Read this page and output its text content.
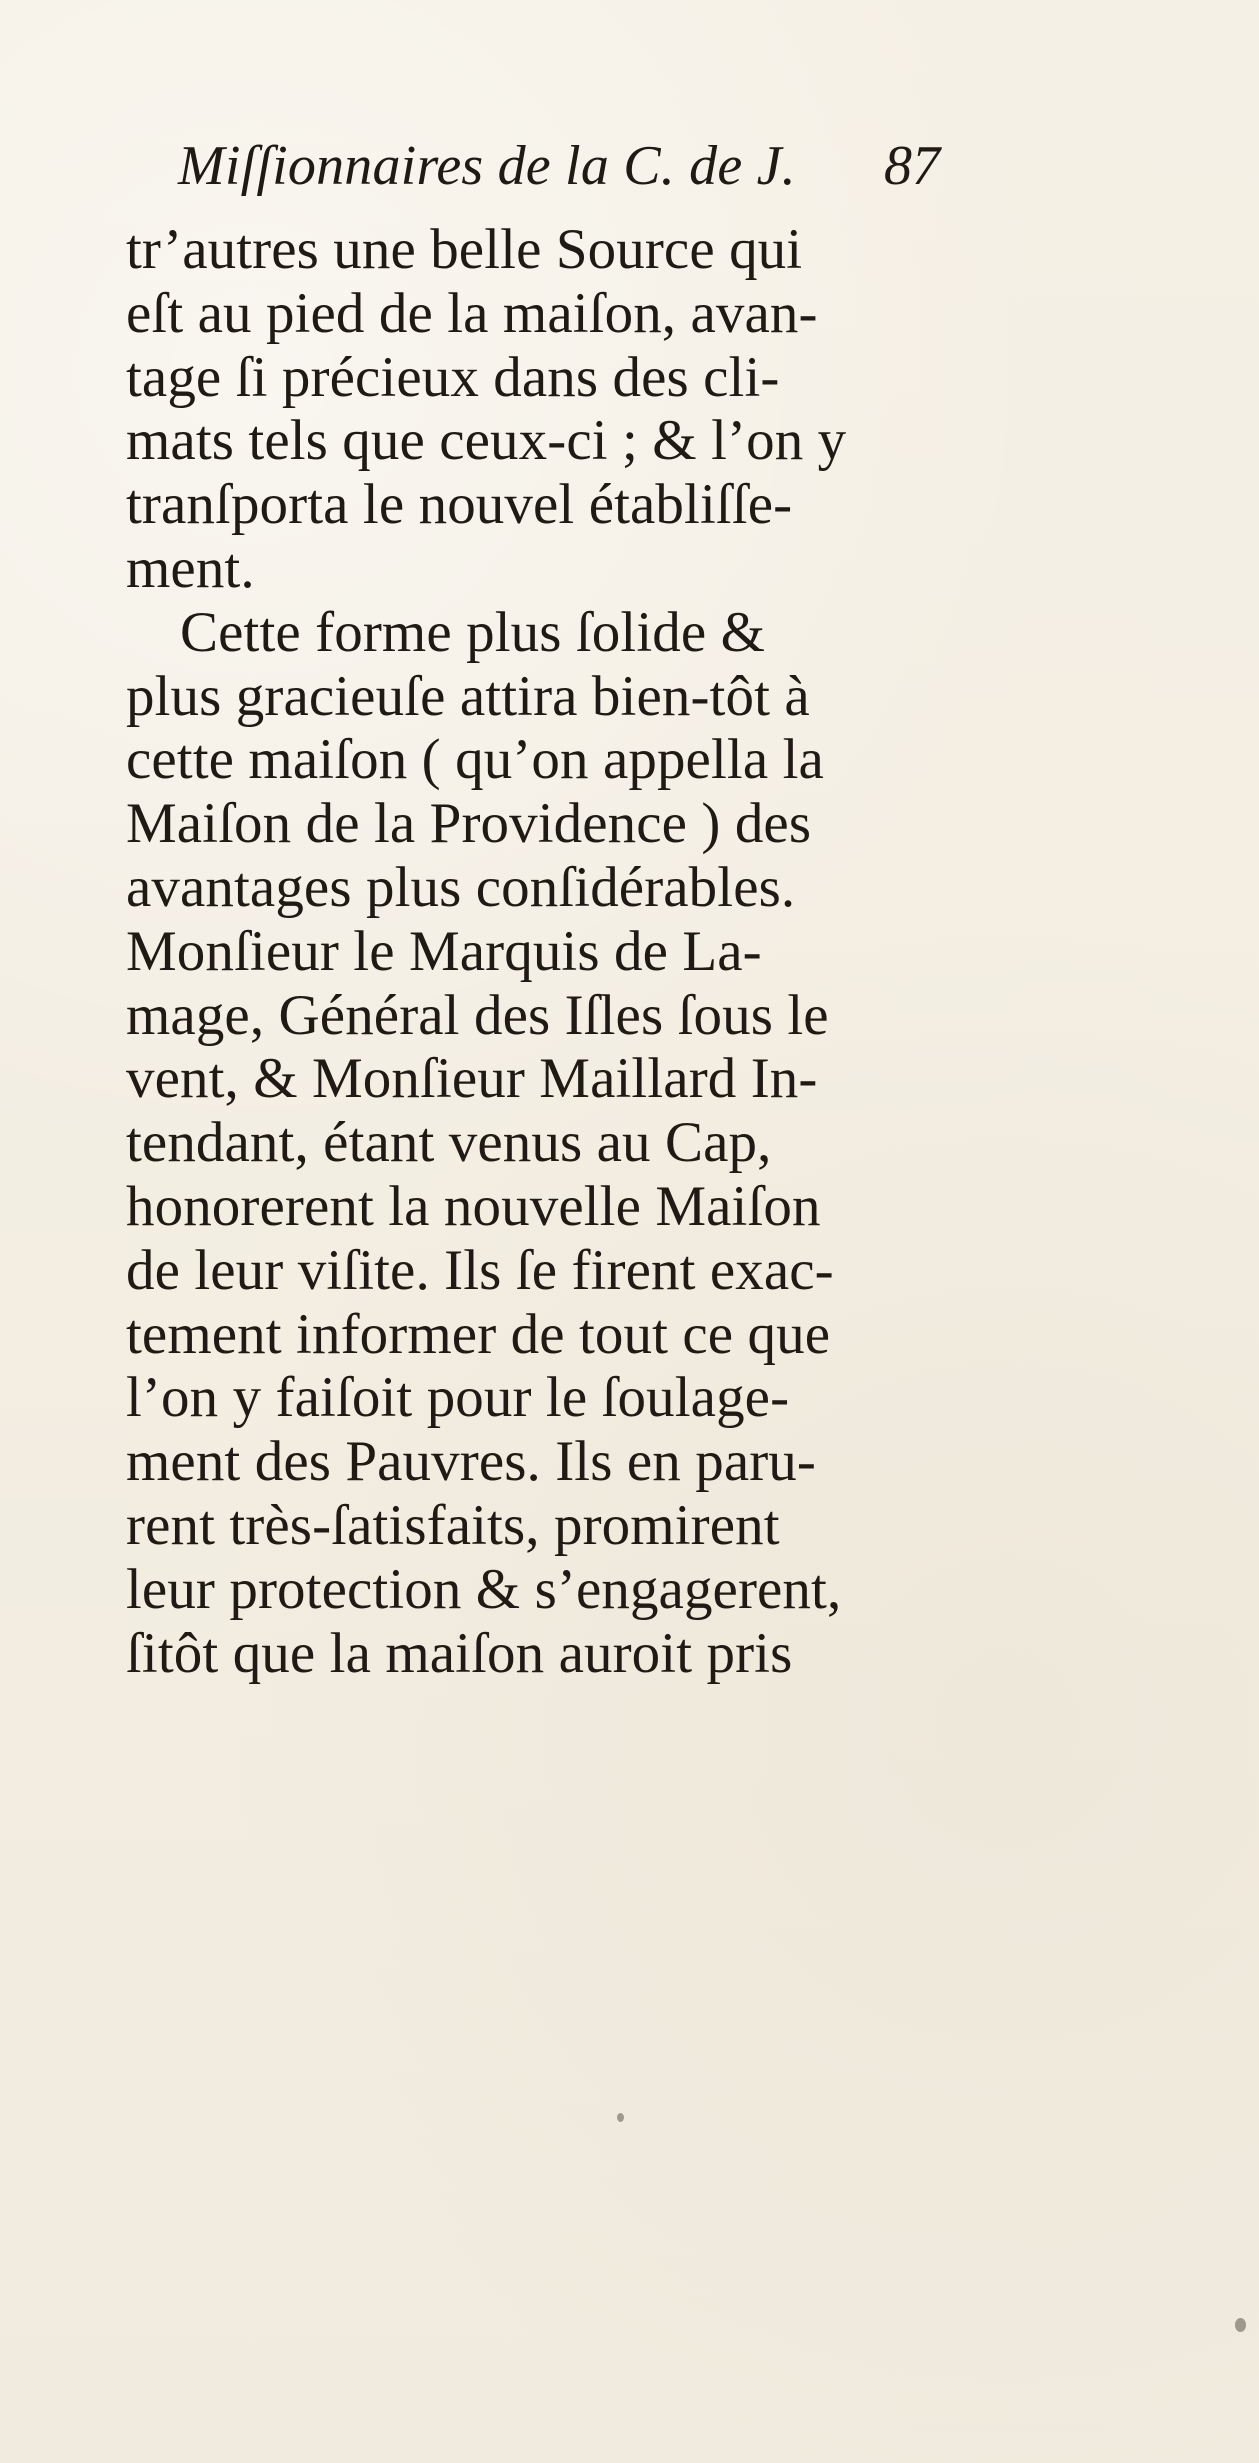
Miſſionnaires de la C. de J. 87

tr’autres une belle Source qui
eſt au pied de la maiſon, avan-
tage ſi précieux dans des cli-
mats tels que ceux-ci ; & l’on y
tranſporta le nouvel établiſſe-
ment.
Cette forme plus ſolide &
plus gracieuſe attira bien-tôt à
cette maiſon ( qu’on appella la
Maiſon de la Providence ) des
avantages plus conſidérables.
Monſieur le Marquis de La-
mage, Général des Iſles ſous le
vent, & Monſieur Maillard In-
tendant, étant venus au Cap,
honorerent la nouvelle Maiſon
de leur viſite. Ils ſe firent exac-
tement informer de tout ce que
l’on y faiſoit pour le ſoulage-
ment des Pauvres. Ils en paru-
rent très-ſatisfaits, promirent
leur protection & s’engagerent,
ſitôt que la maiſon auroit pris
